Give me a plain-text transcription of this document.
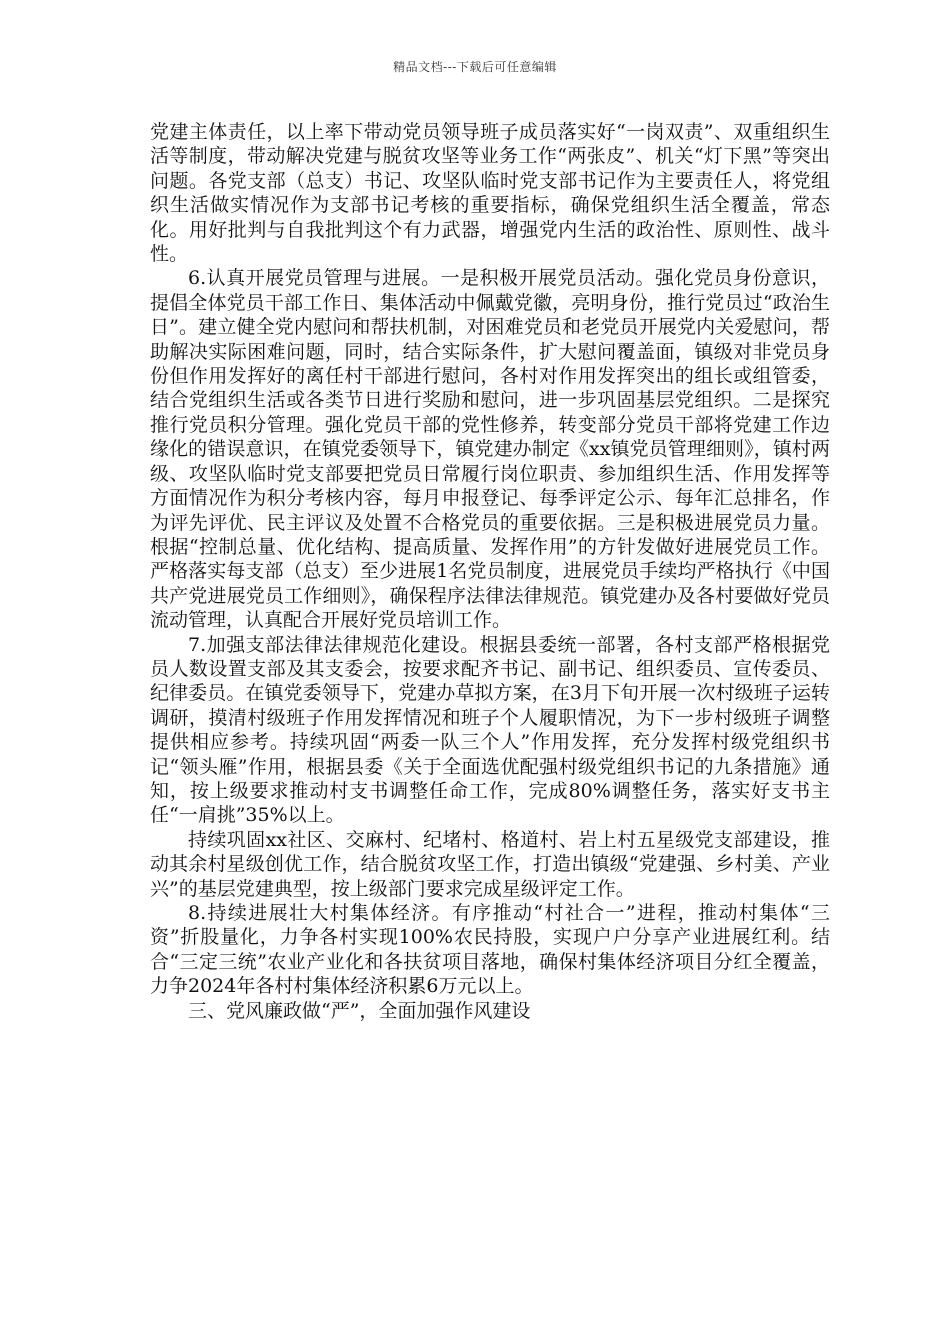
精品文档---下载后可任意编辑

党建主体责任，以上率下带动党员领导班子成员落实好“一岗双责”、双重组织生活等制度，带动解决党建与脱贫攻坚等业务工作“两张皮”、机关“灯下黑”等突出问题。各党支部（总支）书记、攻坚队临时党支部书记作为主要责任人，将党组织生活做实情况作为支部书记考核的重要指标，确保党组织生活全覆盖，常态化。用好批判与自我批判这个有力武器，增强党内生活的政治性、原则性、战斗性。

6.认真开展党员管理与进展。一是积极开展党员活动。强化党员身份意识，提倡全体党员干部工作日、集体活动中佩戴党徽，亮明身份，推行党员过“政治生日”。建立健全党内慰问和帮扶机制，对困难党员和老党员开展党内关爱慰问，帮助解决实际困难问题，同时，结合实际条件，扩大慰问覆盖面，镇级对非党员身份但作用发挥好的离任村干部进行慰问，各村对作用发挥突出的组长或组管委，结合党组织生活或各类节日进行奖励和慰问，进一步巩固基层党组织。二是探究推行党员积分管理。强化党员干部的党性修养，转变部分党员干部将党建工作边缘化的错误意识，在镇党委领导下，镇党建办制定《xx镇党员管理细则》，镇村两级、攻坚队临时党支部要把党员日常履行岗位职责、参加组织生活、作用发挥等方面情况作为积分考核内容，每月申报登记、每季评定公示、每年汇总排名，作为评先评优、民主评议及处置不合格党员的重要依据。三是积极进展党员力量。根据“控制总量、优化结构、提高质量、发挥作用”的方针发做好进展党员工作。严格落实每支部（总支）至少进展1名党员制度，进展党员手续均严格执行《中国共产党进展党员工作细则》，确保程序法律法律规范。镇党建办及各村要做好党员流动管理，认真配合开展好党员培训工作。

7.加强支部法律法律规范化建设。根据县委统一部署，各村支部严格根据党员人数设置支部及其支委会，按要求配齐书记、副书记、组织委员、宣传委员、纪律委员。在镇党委领导下，党建办草拟方案，在3月下旬开展一次村级班子运转调研，摸清村级班子作用发挥情况和班子个人履职情况，为下一步村级班子调整提供相应参考。持续巩固“两委一队三个人”作用发挥，充分发挥村级党组织书记“领头雁”作用，根据县委《关于全面选优配强村级党组织书记的九条措施》通知，按上级要求推动村支书调整任命工作，完成80%调整任务，落实好支书主任“一肩挑”35%以上。

持续巩固xx社区、交麻村、纪堵村、格道村、岩上村五星级党支部建设，推动其余村星级创优工作，结合脱贫攻坚工作，打造出镇级“党建强、乡村美、产业兴”的基层党建典型，按上级部门要求完成星级评定工作。

8.持续进展壮大村集体经济。有序推动“村社合一”进程，推动村集体“三资”折股量化，力争各村实现100%农民持股，实现户户分享产业进展红利。结合“三定三统”农业产业化和各扶贫项目落地，确保村集体经济项目分红全覆盖，力争2024年各村村集体经济积累6万元以上。

三、党风廉政做“严”，全面加强作风建设
